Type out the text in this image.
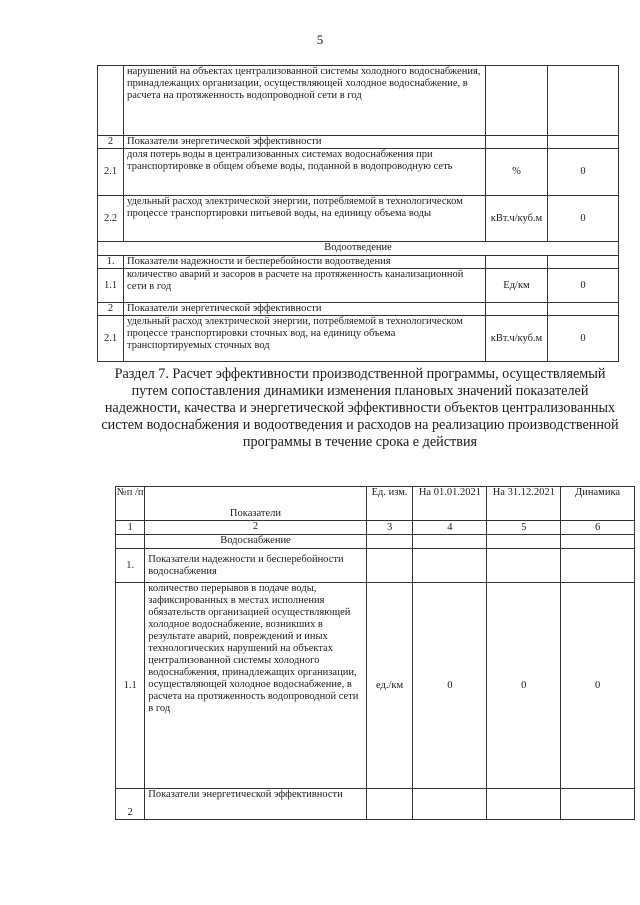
5
	нарушений на объектах централизованной системы холодного водоснабжения, принадлежащих организации, осуществляющей холодное водоснабжение, в расчета на протяженность водопроводной сети в год		
2	Показатели энергетической эффективности		
2.1	доля потерь воды в централизованных системах водоснабжения при транспортировке в общем объеме воды, поданной в водопроводную сеть	%	0
2.2	удельный расход электрической энергии, потребляемой в технологическом процессе транспортировки питьевой воды, на единицу объема воды	кВт.ч/куб.м	0
Водоотведение			
1.	Показатели надежности и бесперебойности водоотведения		
1.1	количество аварий и засоров в расчете на протяженность канализационной сети в год	Ед/км	0
2	Показатели энергетической эффективности		
2.1	удельный расход электрической энергии, потребляемой в технологическом процессе транспортировки сточных вод, на единицу объема транспортируемых сточных вод	кВт.ч/куб.м	0
Раздел 7. Расчет эффективности производственной программы, осуществляемый путем сопоставления динамики изменения плановых значений показателей надежности, качества и энергетической эффективности объектов централизованных систем водоснабжения и водоотведения и расходов на реализацию производственной программы в течение срока е действия
№п /п	Показатели	Ед. изм.	На 01.01.2021	На 31.12.2021	Динамика
1	2	3	4	5	6
	Водоснабжение				
1.	Показатели надежности и бесперебойности водоснабжения				
1.1	количество перерывов в подаче воды, зафиксированных в местах исполнения обязательств организацией осуществляющей холодное водоснабжение, возникших в результате аварий, повреждений и иных технологических нарушений на объектах централизованной системы холодного водоснабжения, принадлежащих организации, осуществляющей холодное водоснабжение, в расчета на протяженность водопроводной сети в год	ед./км	0	0	0
2	Показатели энергетической эффективности				
